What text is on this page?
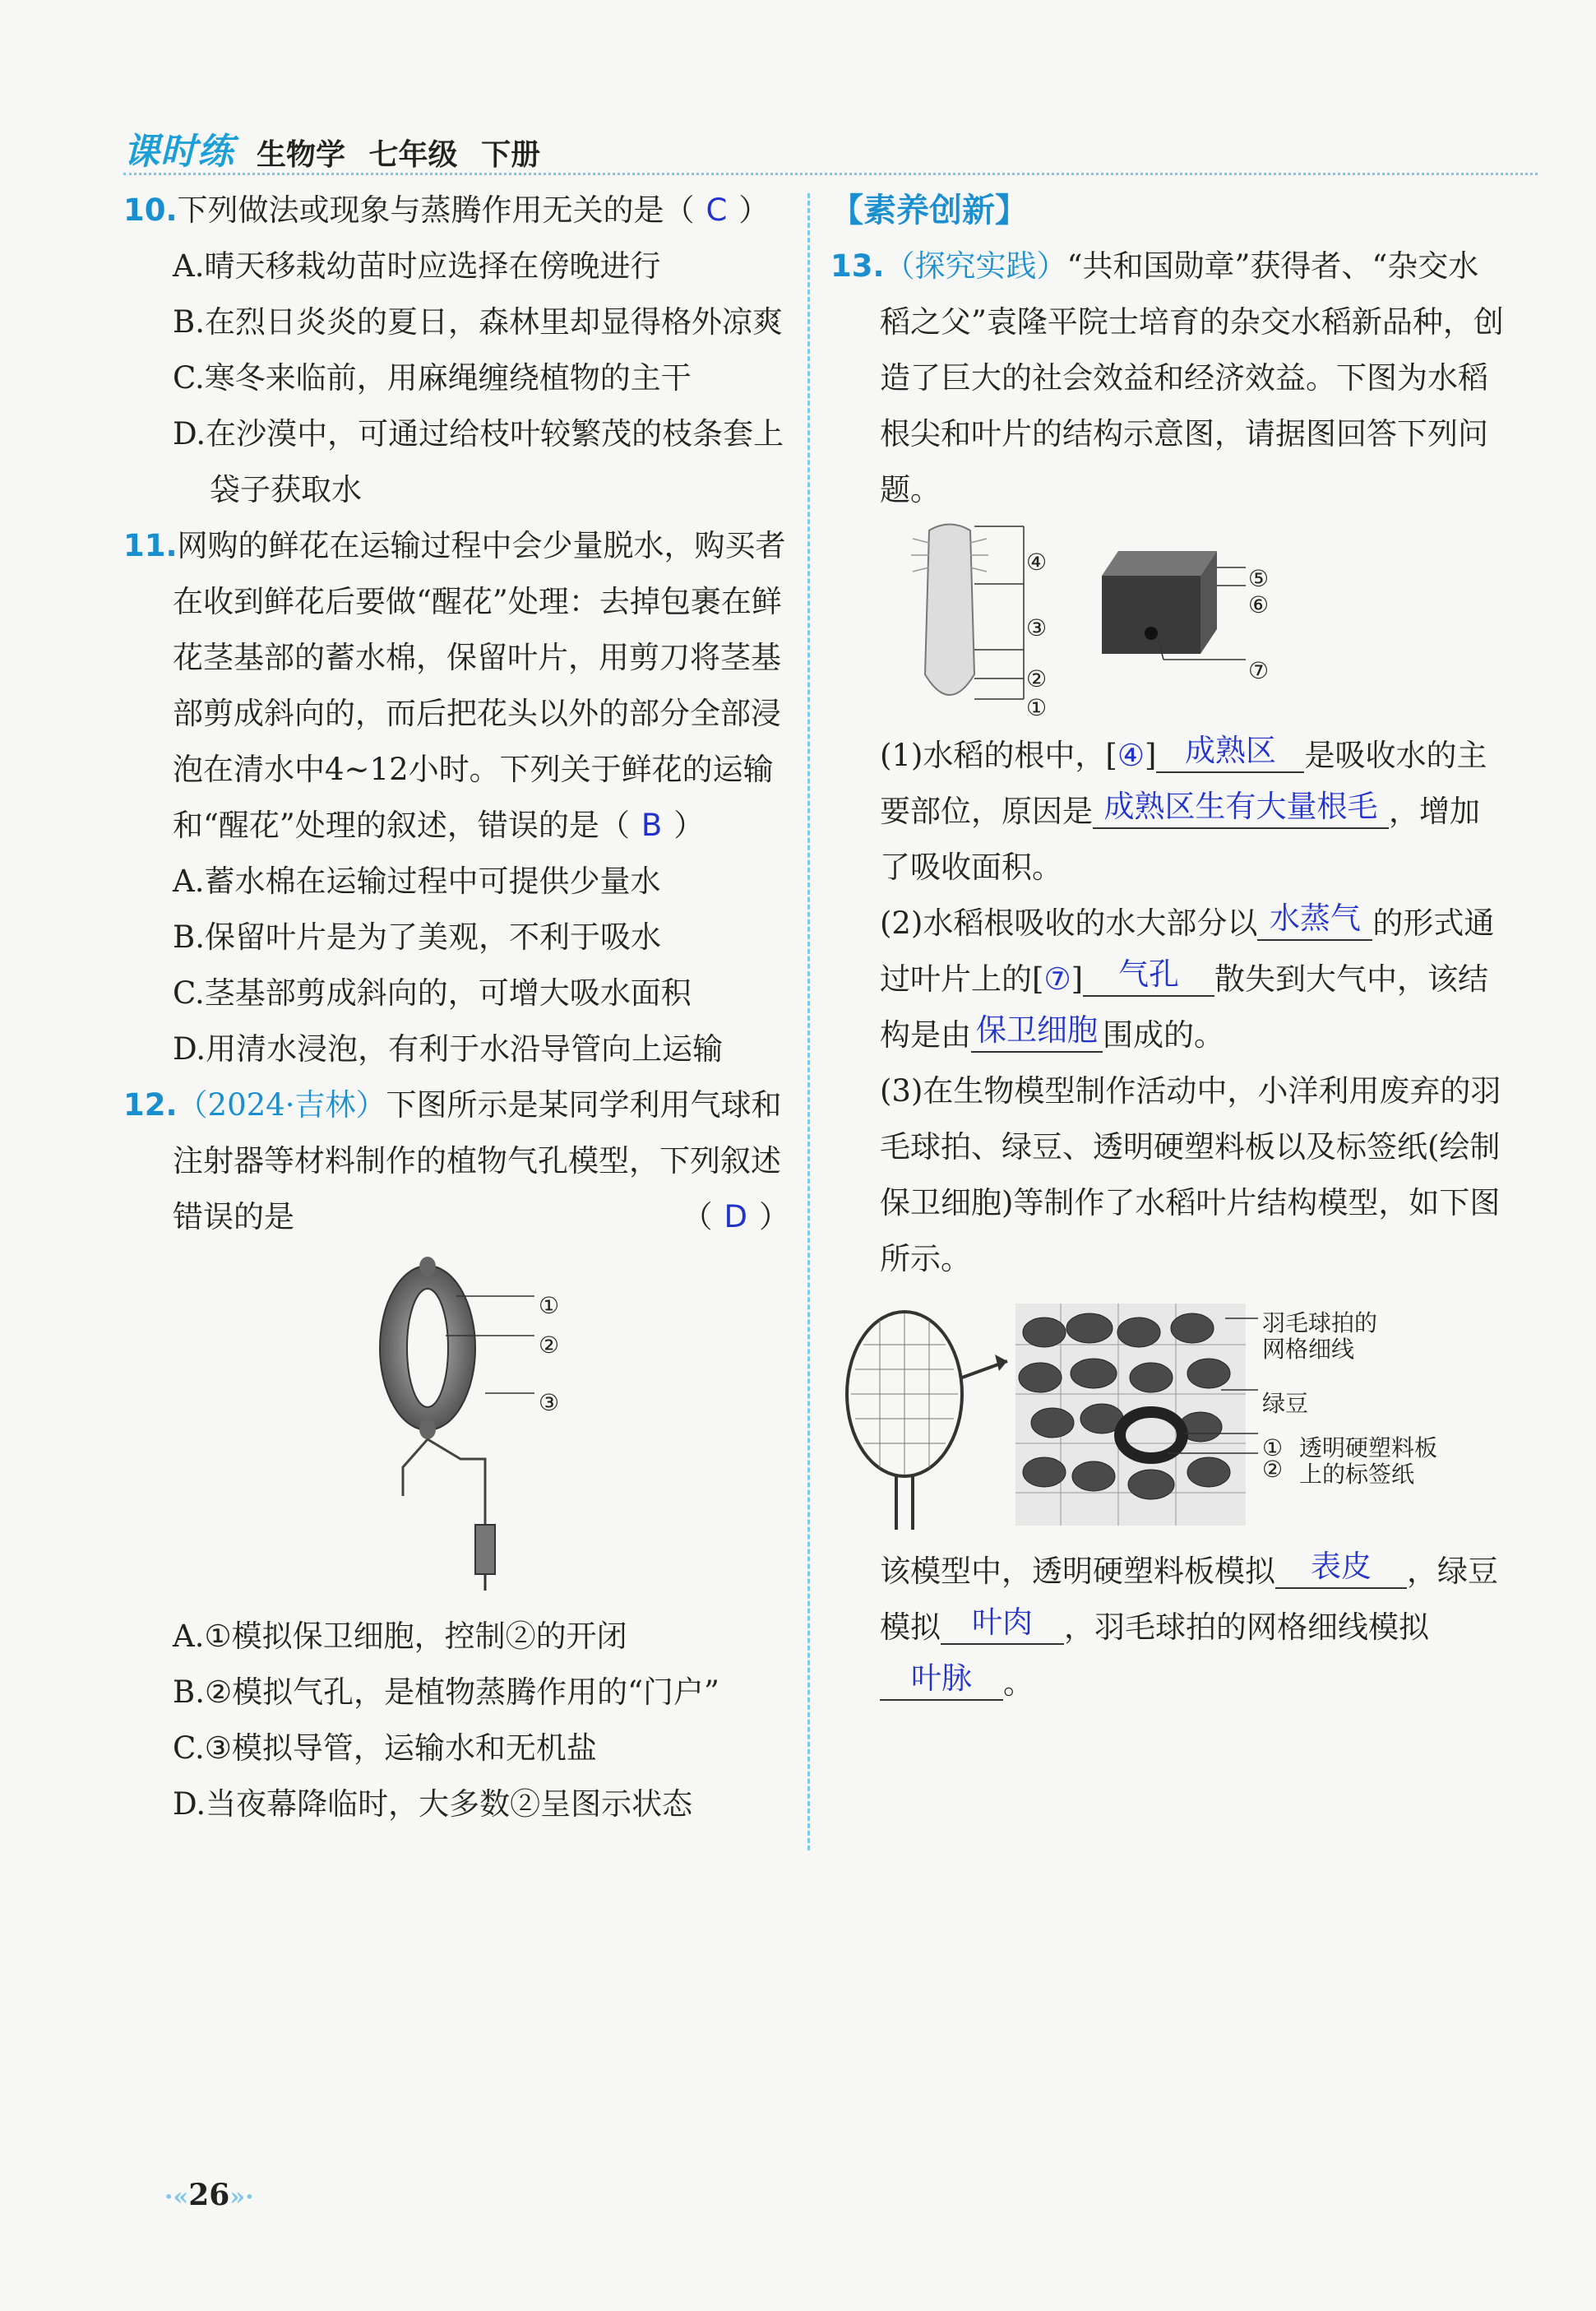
课时练 生物学 七年级 下册
10.下列做法或现象与蒸腾作用无关的是（ C ）
A.晴天移栽幼苗时应选择在傍晚进行
B.在烈日炎炎的夏日，森林里却显得格外凉爽
C.寒冬来临前，用麻绳缠绕植物的主干
D.在沙漠中，可通过给枝叶较繁茂的枝条套上袋子获取水
11.网购的鲜花在运输过程中会少量脱水，购买者在收到鲜花后要做“醒花”处理：去掉包裹在鲜花茎基部的蓄水棉，保留叶片，用剪刀将茎基部剪成斜向的，而后把花头以外的部分全部浸泡在清水中4~12小时。下列关于鲜花的运输和“醒花”处理的叙述，错误的是（ B ）
A.蓄水棉在运输过程中可提供少量水
B.保留叶片是为了美观，不利于吸水
C.茎基部剪成斜向的，可增大吸水面积
D.用清水浸泡，有利于水沿导管向上运输
12.（2024·吉林）下图所示是某同学利用气球和注射器等材料制作的植物气孔模型，下列叙述错误的是	（ D ）
①
②
③
A.①模拟保卫细胞，控制②的开闭
B.②模拟气孔，是植物蒸腾作用的“门户”
C.③模拟导管，运输水和无机盐
D.当夜幕降临时，大多数②呈图示状态
【素养创新】
13.（探究实践）“共和国勋章”获得者、“杂交水稻之父”袁隆平院士培育的杂交水稻新品种，创造了巨大的社会效益和经济效益。下图为水稻根尖和叶片的结构示意图，请据图回答下列问题。
④
③
②
①
⑤
⑥
⑦
(1)水稻的根中，[④] 成熟区 是吸收水的主要部位，原因是 成熟区生有大量根毛 ，增加了吸收面积。
(2)水稻根吸收的水大部分以 水蒸气 的形式通过叶片上的[⑦] 气孔 散失到大气中，该结构是由 保卫细胞 围成的。
(3)在生物模型制作活动中，小洋利用废弃的羽毛球拍、绿豆、透明硬塑料板以及标签纸(绘制保卫细胞)等制作了水稻叶片结构模型，如下图所示。
羽毛球拍的
网格细线
绿豆
①
②
透明硬塑料板
上的标签纸
该模型中，透明硬塑料板模拟 表皮 ，绿豆模拟 叶肉 ，羽毛球拍的网格细线模拟叶脉 。
·«26»·
